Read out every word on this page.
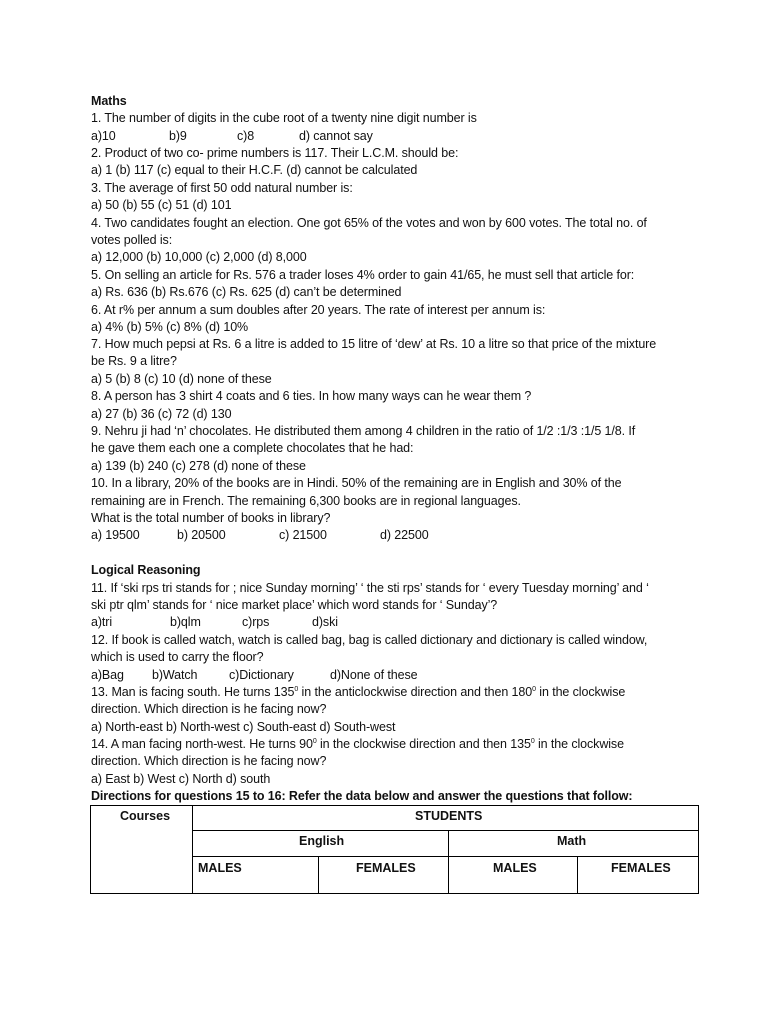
Maths
1. The number of digits in the cube root of a twenty nine digit number is
a)10	b)9	c)8	d) cannot say
2. Product of two co- prime numbers is 117. Their L.C.M. should be:
a) 1 (b) 117 (c) equal to their H.C.F. (d) cannot be calculated
3. The average of first 50 odd natural number is:
a) 50 (b) 55 (c) 51 (d) 101
4. Two candidates fought an election. One got 65% of the votes and won by 600 votes. The total no. of
votes polled is:
a) 12,000 (b) 10,000 (c) 2,000 (d) 8,000
5. On selling an article for Rs. 576 a trader loses 4% order to gain 41/65, he must sell that article for:
a) Rs. 636 (b) Rs.676 (c) Rs. 625 (d) can’t be determined
6. At r% per annum a sum doubles after 20 years. The rate of interest per annum is:
a) 4% (b) 5% (c) 8% (d) 10%
7. How much pepsi at Rs. 6 a litre is added to 15 litre of ‘dew’ at Rs. 10 a litre so that price of the mixture
be Rs. 9 a litre?
a) 5 (b) 8 (c) 10 (d) none of these
8. A person has 3 shirt 4 coats and 6 ties. In how many ways can he wear them ?
a) 27 (b) 36 (c) 72 (d) 130
9. Nehru ji had ‘n’ chocolates. He distributed them among 4 children in the ratio of 1/2 :1/3 :1/5 1/8. If
he gave them each one a complete chocolates that he had:
a) 139 (b) 240 (c) 278 (d) none of these
10. In a library, 20% of the books are in Hindi. 50% of the remaining are in English and 30% of the
remaining are in French. The remaining 6,300 books are in regional languages.
What is the total number of books in library?
a) 19500	b) 20500	c) 21500	d) 22500
Logical Reasoning
11. If ‘ski rps tri stands for ; nice Sunday morning’ ‘ the sti rps’ stands for ‘ every Tuesday morning’ and ‘
ski ptr qlm’ stands for ‘ nice market place’ which word stands for ‘ Sunday’?
a)tri	b)qlm	c)rps	d)ski
12. If book is called watch, watch is called bag, bag is called dictionary and dictionary is called window,
which is used to carry the floor?
a)Bag b)Watch	c)Dictionary	d)None of these
13. Man is facing south. He turns $135^0$ in the anticlockwise direction and then $180^0$ in the clockwise
direction. Which direction is he facing now?
a) North-east b) North-west c) South-east d) South-west
14. A man facing north-west. He turns $90^0$ in the clockwise direction and then $135^0$ in the clockwise
direction. Which direction is he facing now?
a) East b) West c) North d) south
Directions for questions 15 to 16: Refer the data below and answer the questions that follow:
Courses	STUDENTS
English	Math
MALES	FEMALES	MALES	FEMALES
